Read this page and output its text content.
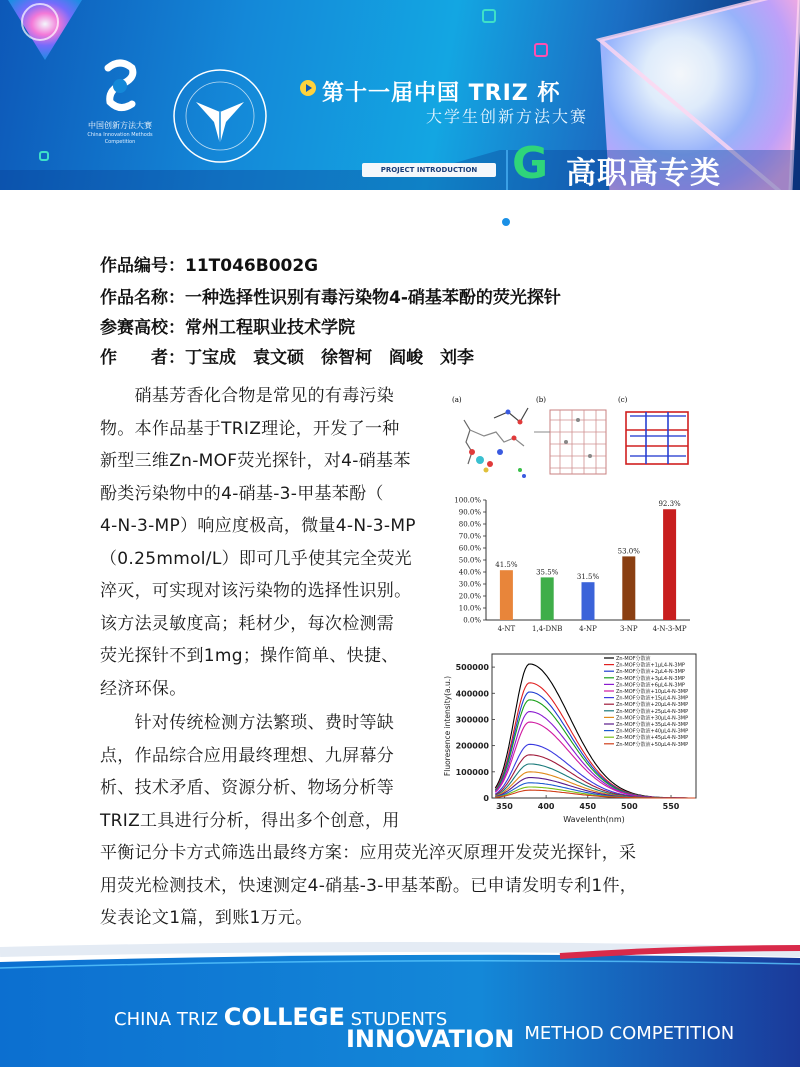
中国创新方法大赛
China Innovation Methods Competition
第十一届中国 TRIZ 杯
大学生创新方法大赛
PROJECT INTRODUCTION G 高职高专类
作品编号：11T046B002G
作品名称：一种选择性识别有毒污染物4-硝基苯酚的荧光探针
参赛高校：常州工程职业技术学院
作　　者：丁宝成　袁文硕　徐智柯　阎峻　刘李
　　硝基芳香化合物是常见的有毒污染
物。本作品基于TRIZ理论，开发了一种
新型三维Zn-MOF荧光探针，对4-硝基苯
酚类污染物中的4-硝基-3-甲基苯酚（
4-N-3-MP）响应度极高，微量4-N-3-MP
（0.25mmol/L）即可几乎使其完全荧光
淬灭，可实现对该污染物的选择性识别。
该方法灵敏度高；耗材少，每次检测需
荧光探针不到1mg；操作简单、快捷、
经济环保。
　　针对传统检测方法繁琐、费时等缺
点，作品综合应用最终理想、九屏幕分
析、技术矛盾、资源分析、物场分析等
TRIZ工具进行分析，得出多个创意，用
平衡记分卡方式筛选出最终方案：应用荧光淬灭原理开发荧光探针，采
用荧光检测技术，快速测定4-硝基-3-甲基苯酚。已申请发明专利1件，
发表论文1篇，到账1万元。
(a)	(b)	(c)
0.0%
10.0%
20.0%
30.0%
40.0%
50.0%
60.0%
70.0%
80.0%
90.0%
100.0%
41.5%
4-NT
35.5%
1,4-DNB
31.5%
4-NP
53.0%
3-NP
92.3%
4-N-3-MP
0
100000
200000
300000
400000
500000
350	400	450	500	550
Wavelenth(nm)
Fluoresence intensity(a.u.)
Zn-MOF分散液
Zn-MOF分散液+1μL4-N-3MP
Zn-MOF分散液+2μL4-N-3MP
Zn-MOF分散液+3μL4-N-3MP
Zn-MOF分散液+6μL4-N-3MP
Zn-MOF分散液+10μL4-N-3MP
Zn-MOF分散液+15μL4-N-3MP
Zn-MOF分散液+20μL4-N-3MP
Zn-MOF分散液+25μL4-N-3MP
Zn-MOF分散液+30μL4-N-3MP
Zn-MOF分散液+35μL4-N-3MP
Zn-MOF分散液+40μL4-N-3MP
Zn-MOF分散液+45μL4-N-3MP
Zn-MOF分散液+50μL4-N-3MP
CHINA TRIZ COLLEGE STUDENTS
INNOVATION METHOD COMPETITION
